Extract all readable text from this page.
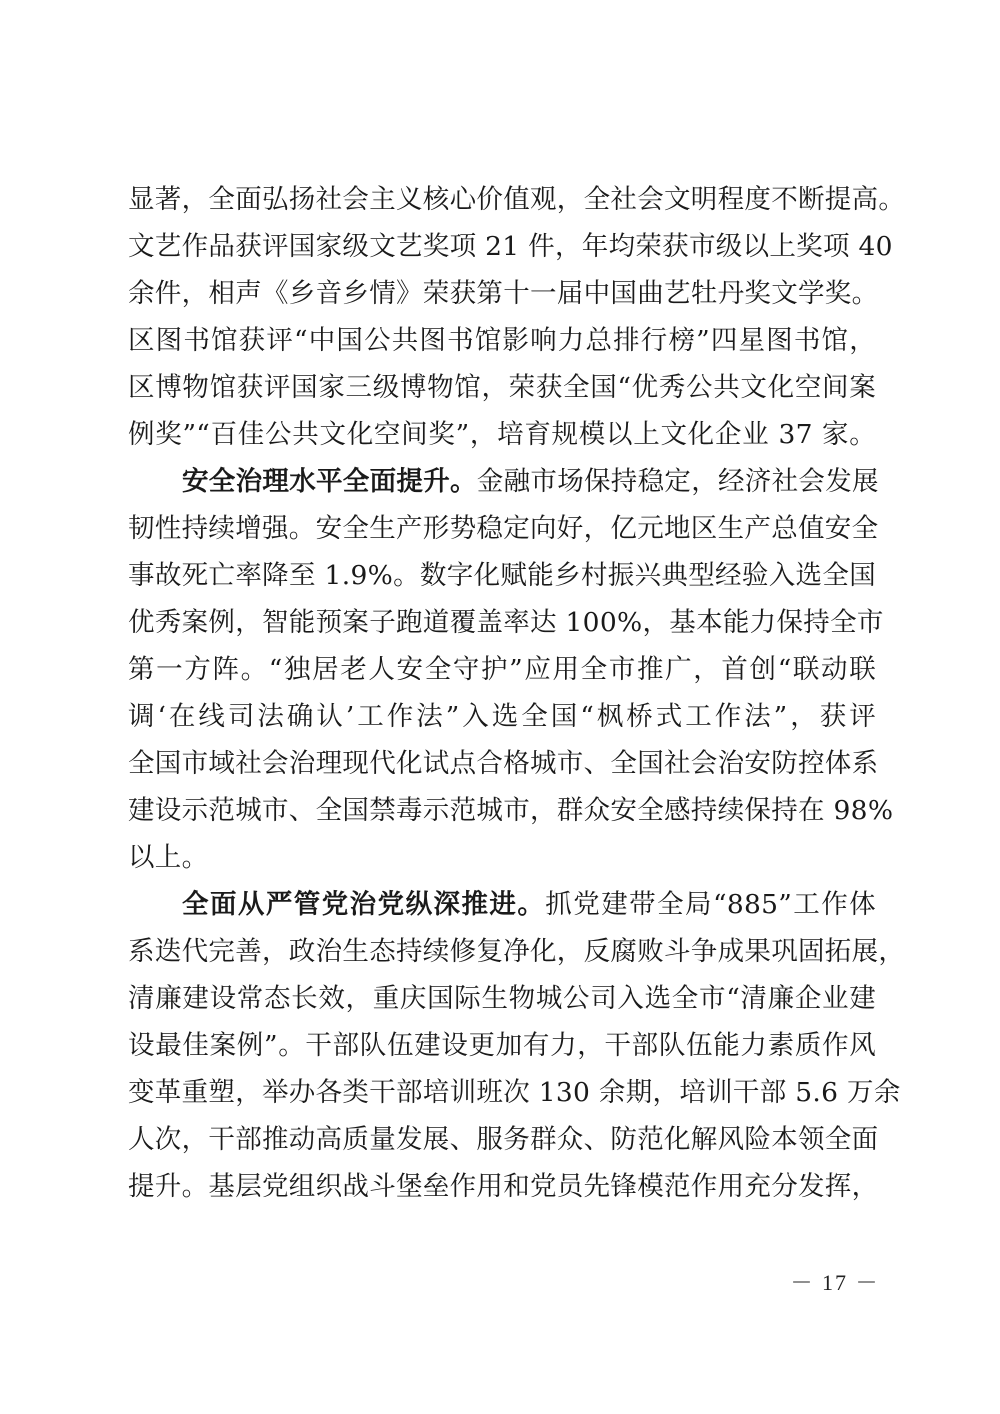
显著，全面弘扬社会主义核心价值观，全社会文明程度不断提高。
文艺作品获评国家级文艺奖项 21 件，年均荣获市级以上奖项 40
余件，相声《乡音乡情》荣获第十一届中国曲艺牡丹奖文学奖。
区图书馆获评“中国公共图书馆影响力总排行榜”四星图书馆，
区博物馆获评国家三级博物馆，荣获全国“优秀公共文化空间案
例奖”“百佳公共文化空间奖”，培育规模以上文化企业 37 家。
安全治理水平全面提升。金融市场保持稳定，经济社会发展
韧性持续增强。安全生产形势稳定向好，亿元地区生产总值安全
事故死亡率降至 1.9%。数字化赋能乡村振兴典型经验入选全国
优秀案例，智能预案子跑道覆盖率达 100%，基本能力保持全市
第一方阵。“独居老人安全守护”应用全市推广，首创“联动联
调‘在线司法确认’工作法”入选全国“枫桥式工作法”，获评
全国市域社会治理现代化试点合格城市、全国社会治安防控体系
建设示范城市、全国禁毒示范城市，群众安全感持续保持在 98%
以上。
全面从严管党治党纵深推进。抓党建带全局“885”工作体
系迭代完善，政治生态持续修复净化，反腐败斗争成果巩固拓展，
清廉建设常态长效，重庆国际生物城公司入选全市“清廉企业建
设最佳案例”。干部队伍建设更加有力，干部队伍能力素质作风
变革重塑，举办各类干部培训班次 130 余期，培训干部 5.6 万余
人次，干部推动高质量发展、服务群众、防范化解风险本领全面
提升。基层党组织战斗堡垒作用和党员先锋模范作用充分发挥，
－ 17 －
